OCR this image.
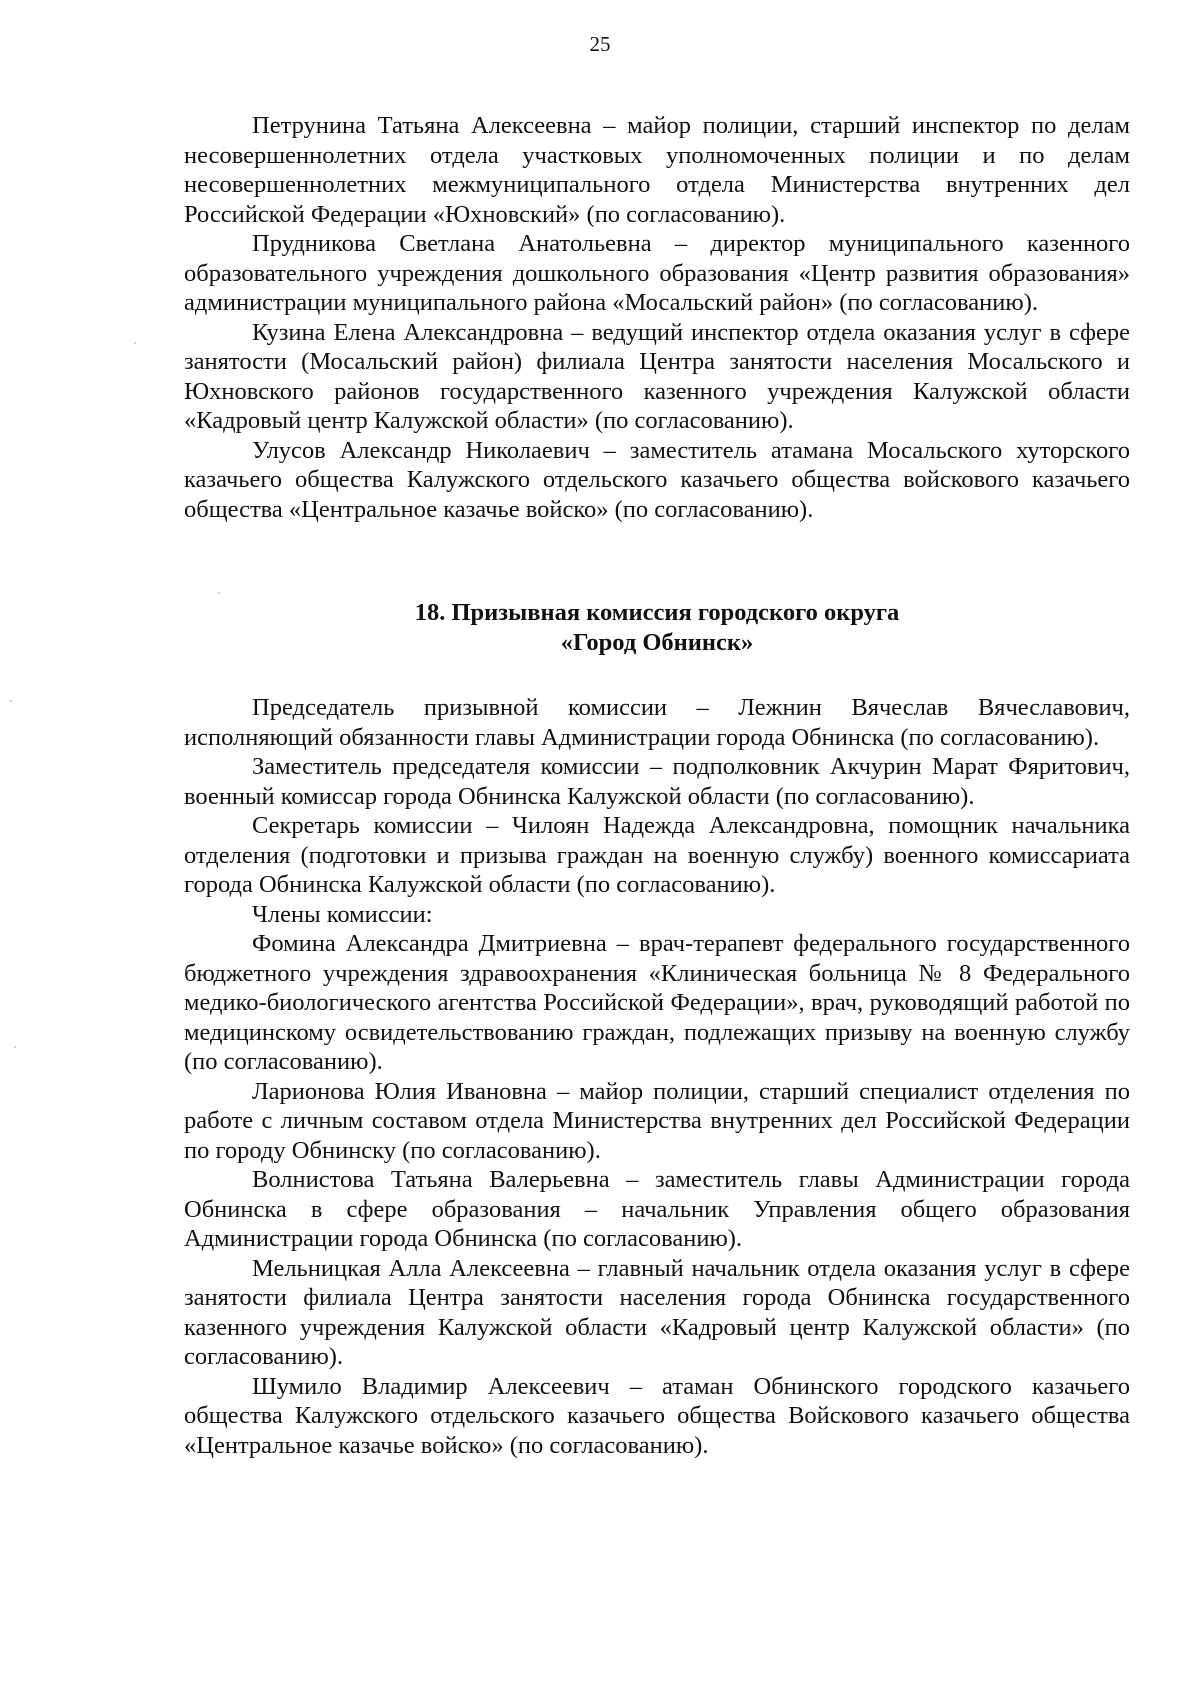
25

Петрунина Татьяна Алексеевна – майор полиции, старший инспектор по делам несовершеннолетних отдела участковых уполномоченных полиции и по делам несовершеннолетних межмуниципального отдела Министерства внутренних дел Российской Федерации «Юхновский» (по согласованию).

Прудникова Светлана Анатольевна – директор муниципального казенного образовательного учреждения дошкольного образования «Центр развития образования» администрации муниципального района «Мосальский район» (по согласованию).

Кузина Елена Александровна – ведущий инспектор отдела оказания услуг в сфере занятости (Мосальский район) филиала Центра занятости населения Мосальского и Юхновского районов государственного казенного учреждения Калужской области «Кадровый центр Калужской области» (по согласованию).

Улусов Александр Николаевич – заместитель атамана Мосальского хуторского казачьего общества Калужского отдельского казачьего общества войскового казачьего общества «Центральное казачье войско» (по согласованию).

18. Призывная комиссия городского округа
«Город Обнинск»

Председатель призывной комиссии – Лежнин Вячеслав Вячеславович, исполняющий обязанности главы Администрации города Обнинска (по согласованию).

Заместитель председателя комиссии – подполковник Акчурин Марат Фяритович, военный комиссар города Обнинска Калужской области (по согласованию).

Секретарь комиссии – Чилоян Надежда Александровна, помощник начальника отделения (подготовки и призыва граждан на военную службу) военного комиссариата города Обнинска Калужской области (по согласованию).

Члены комиссии:

Фомина Александра Дмитриевна – врач-терапевт федерального государственного бюджетного учреждения здравоохранения «Клиническая больница № 8 Федерального медико-биологического агентства Российской Федерации», врач, руководящий работой по медицинскому освидетельствованию граждан, подлежащих призыву на военную службу (по согласованию).

Ларионова Юлия Ивановна – майор полиции, старший специалист отделения по работе с личным составом отдела Министерства внутренних дел Российской Федерации по городу Обнинску (по согласованию).

Волнистова Татьяна Валерьевна – заместитель главы Администрации города Обнинска в сфере образования – начальник Управления общего образования Администрации города Обнинска (по согласованию).

Мельницкая Алла Алексеевна – главный начальник отдела оказания услуг в сфере занятости филиала Центра занятости населения города Обнинска государственного казенного учреждения Калужской области «Кадровый центр Калужской области» (по согласованию).

Шумило Владимир Алексеевич – атаман Обнинского городского казачьего общества Калужского отдельского казачьего общества Войскового казачьего общества «Центральное казачье войско» (по согласованию).
